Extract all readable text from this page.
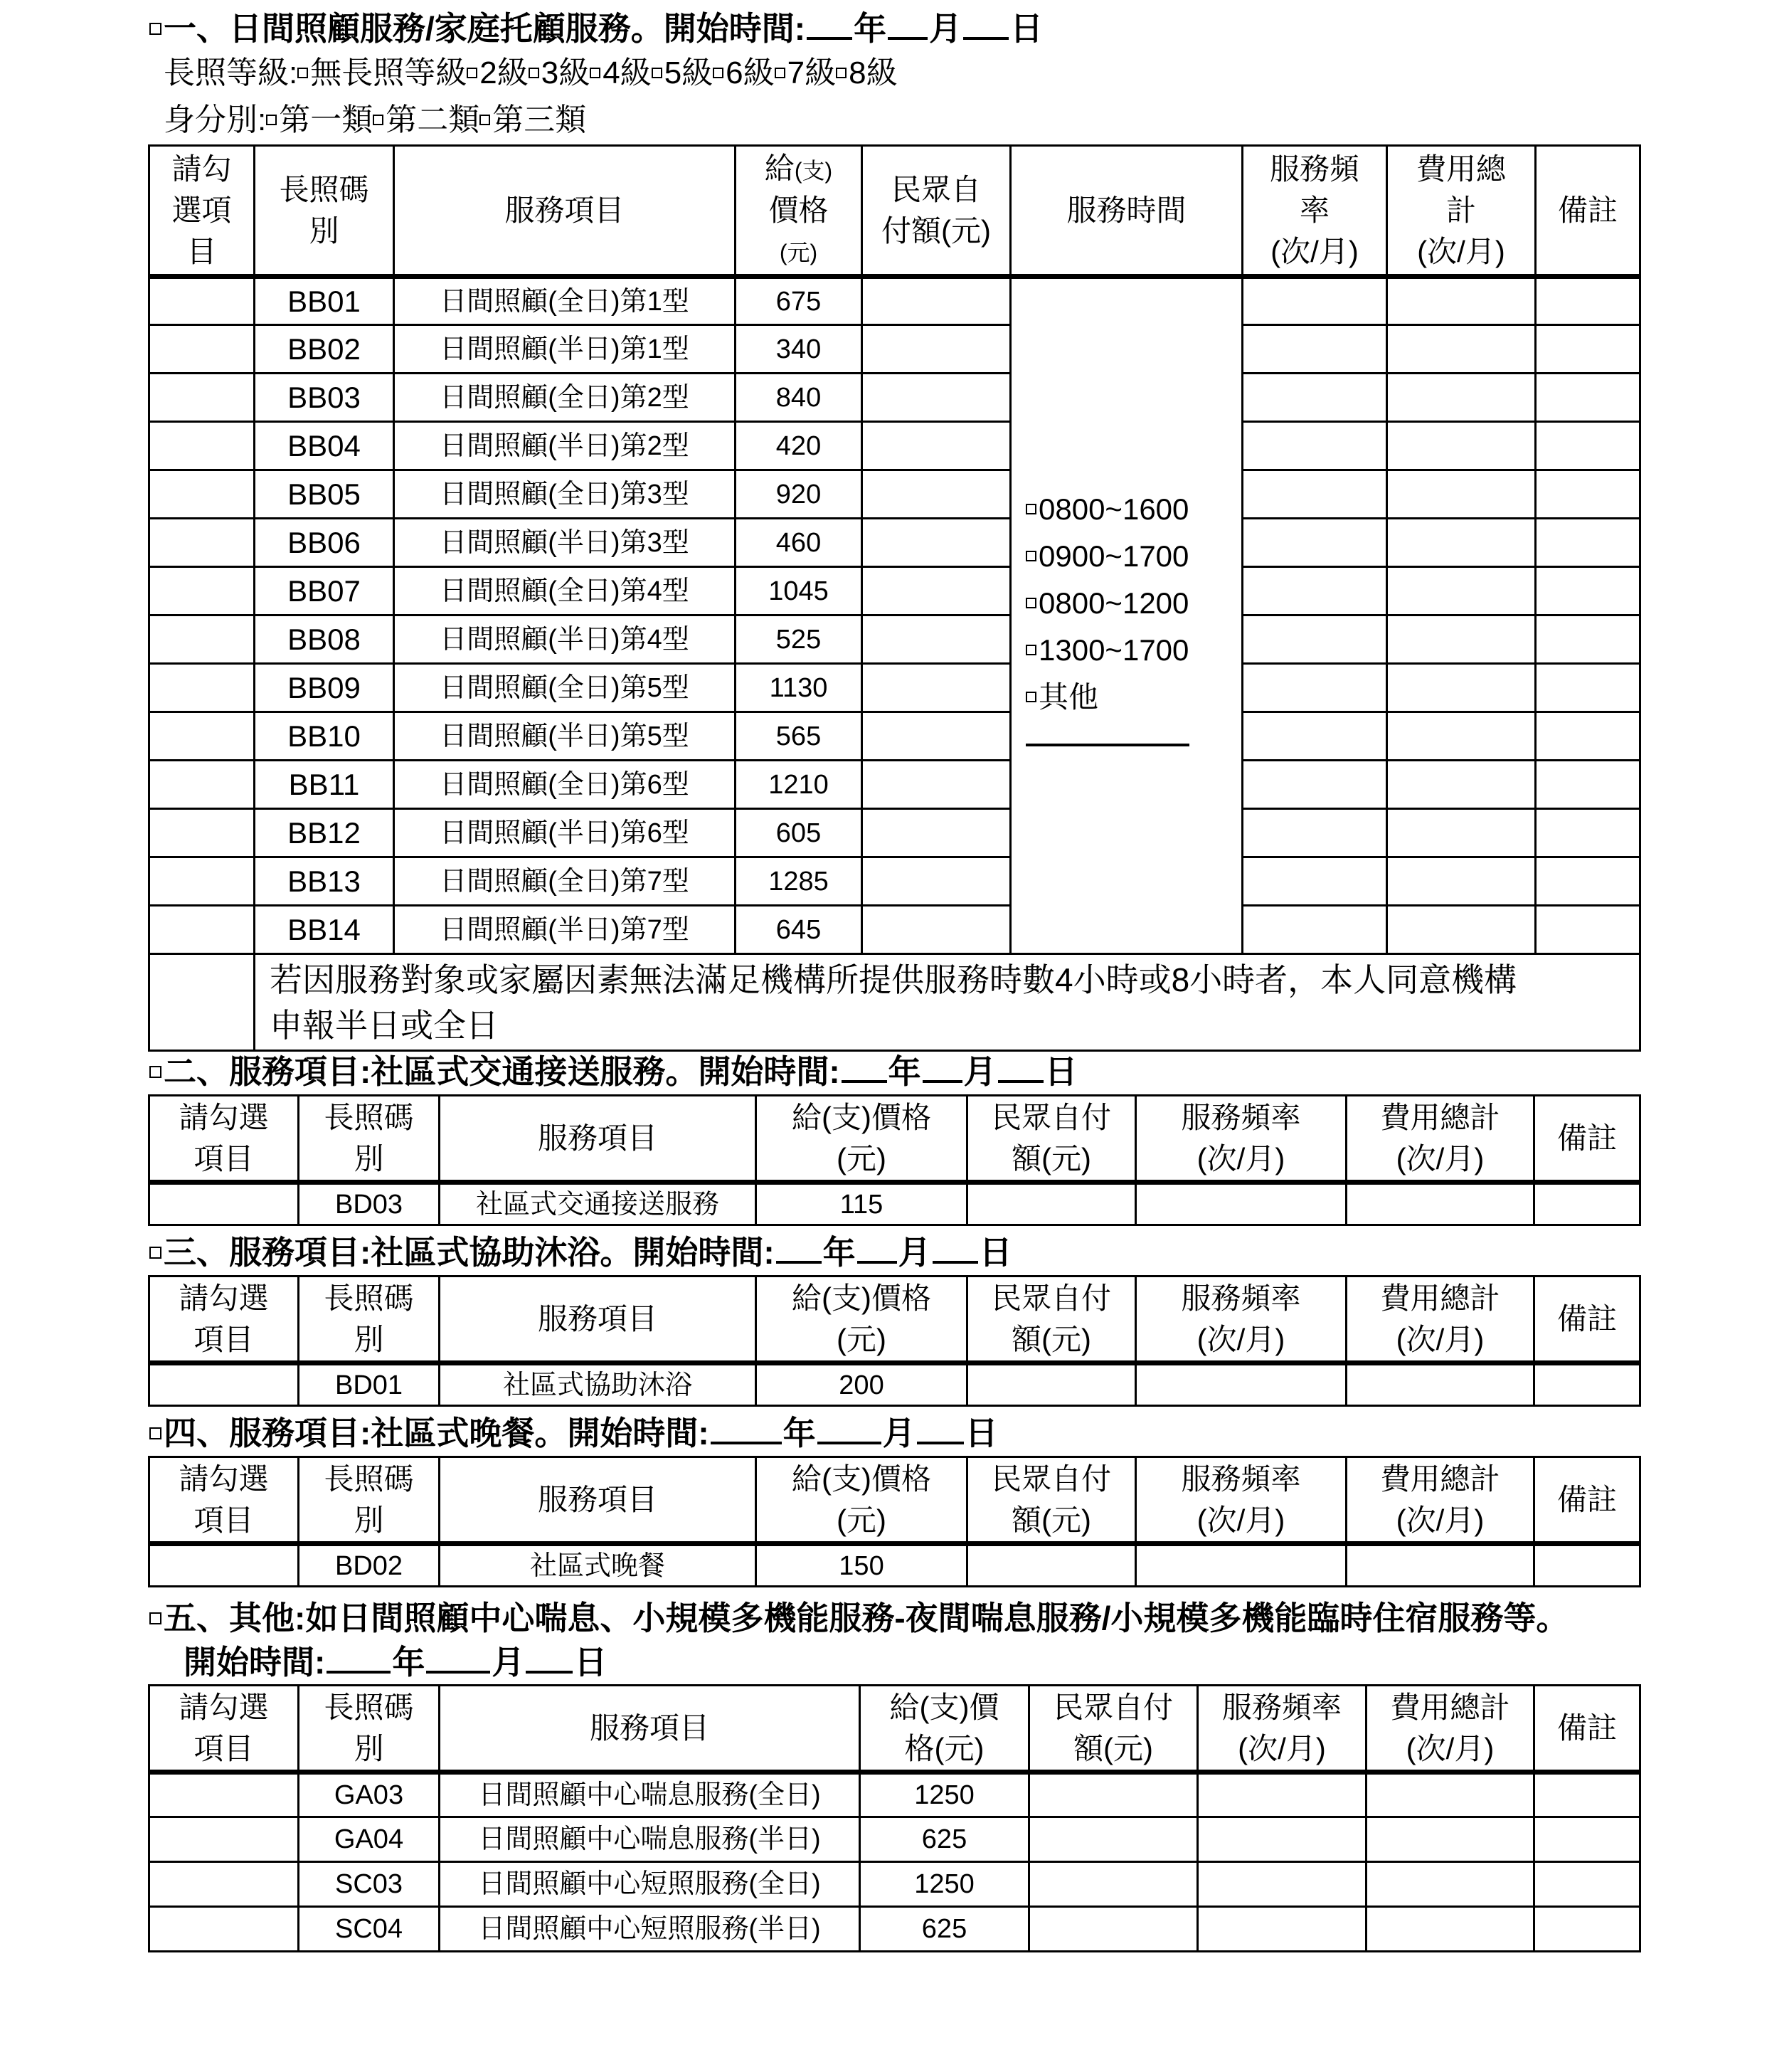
一、日間照顧服務/家庭托顧服務。開始時間: 年 月 日
長照等級: 無長照等級 2級 3級 4級 5級 6級 7級 8級
身分別: 第一類 第二類 第三類
請勾
選項
目	長照碼
別	服務項目	給(支)
價格
(元)	民眾自
付額(元)	服務時間	服務頻
率
(次/月)	費用總
計
(次/月)	備註
	BB01	日間照顧(全日)第1型	675		0800~1600
0900~1700
0800~1200
1300~1700
其他			

	BB02	日間照顧(半日)第1型	340					
	BB03	日間照顧(全日)第2型	840					
	BB04	日間照顧(半日)第2型	420					
	BB05	日間照顧(全日)第3型	920					
	BB06	日間照顧(半日)第3型	460					
	BB07	日間照顧(全日)第4型	1045					
	BB08	日間照顧(半日)第4型	525					
	BB09	日間照顧(全日)第5型	1130					
	BB10	日間照顧(半日)第5型	565					
	BB11	日間照顧(全日)第6型	1210					
	BB12	日間照顧(半日)第6型	605					
	BB13	日間照顧(全日)第7型	1285					
	BB14	日間照顧(半日)第7型	645					
	若因服務對象或家屬因素無法滿足機構所提供服務時數4小時或8小時者，本人同意機構
申報半日或全日							
二、服務項目:社區式交通接送服務。開始時間: 年 月 日
請勾選
項目	長照碼
別	服務項目	給(支)價格
(元)	民眾自付
額(元)	服務頻率
(次/月)	費用總計
(次/月)	備註
	BD03	社區式交通接送服務	115				
三、服務項目:社區式協助沐浴。開始時間: 年 月 日
請勾選
項目	長照碼
別	服務項目	給(支)價格
(元)	民眾自付
額(元)	服務頻率
(次/月)	費用總計
(次/月)	備註
	BD01	社區式協助沐浴	200				
四、服務項目:社區式晚餐。開始時間: 年 月 日
請勾選
項目	長照碼
別	服務項目	給(支)價格
(元)	民眾自付
額(元)	服務頻率
(次/月)	費用總計
(次/月)	備註
	BD02	社區式晚餐	150				
五、其他:如日間照顧中心喘息、小規模多機能服務-夜間喘息服務/小規模多機能臨時住宿服務等。
開始時間: 年 月 日
請勾選
項目	長照碼
別	服務項目	給(支)價
格(元)	民眾自付
額(元)	服務頻率
(次/月)	費用總計
(次/月)	備註
	GA03	日間照顧中心喘息服務(全日)	1250				
	GA04	日間照顧中心喘息服務(半日)	625				
	SC03	日間照顧中心短照服務(全日)	1250				
	SC04	日間照顧中心短照服務(半日)	625				
